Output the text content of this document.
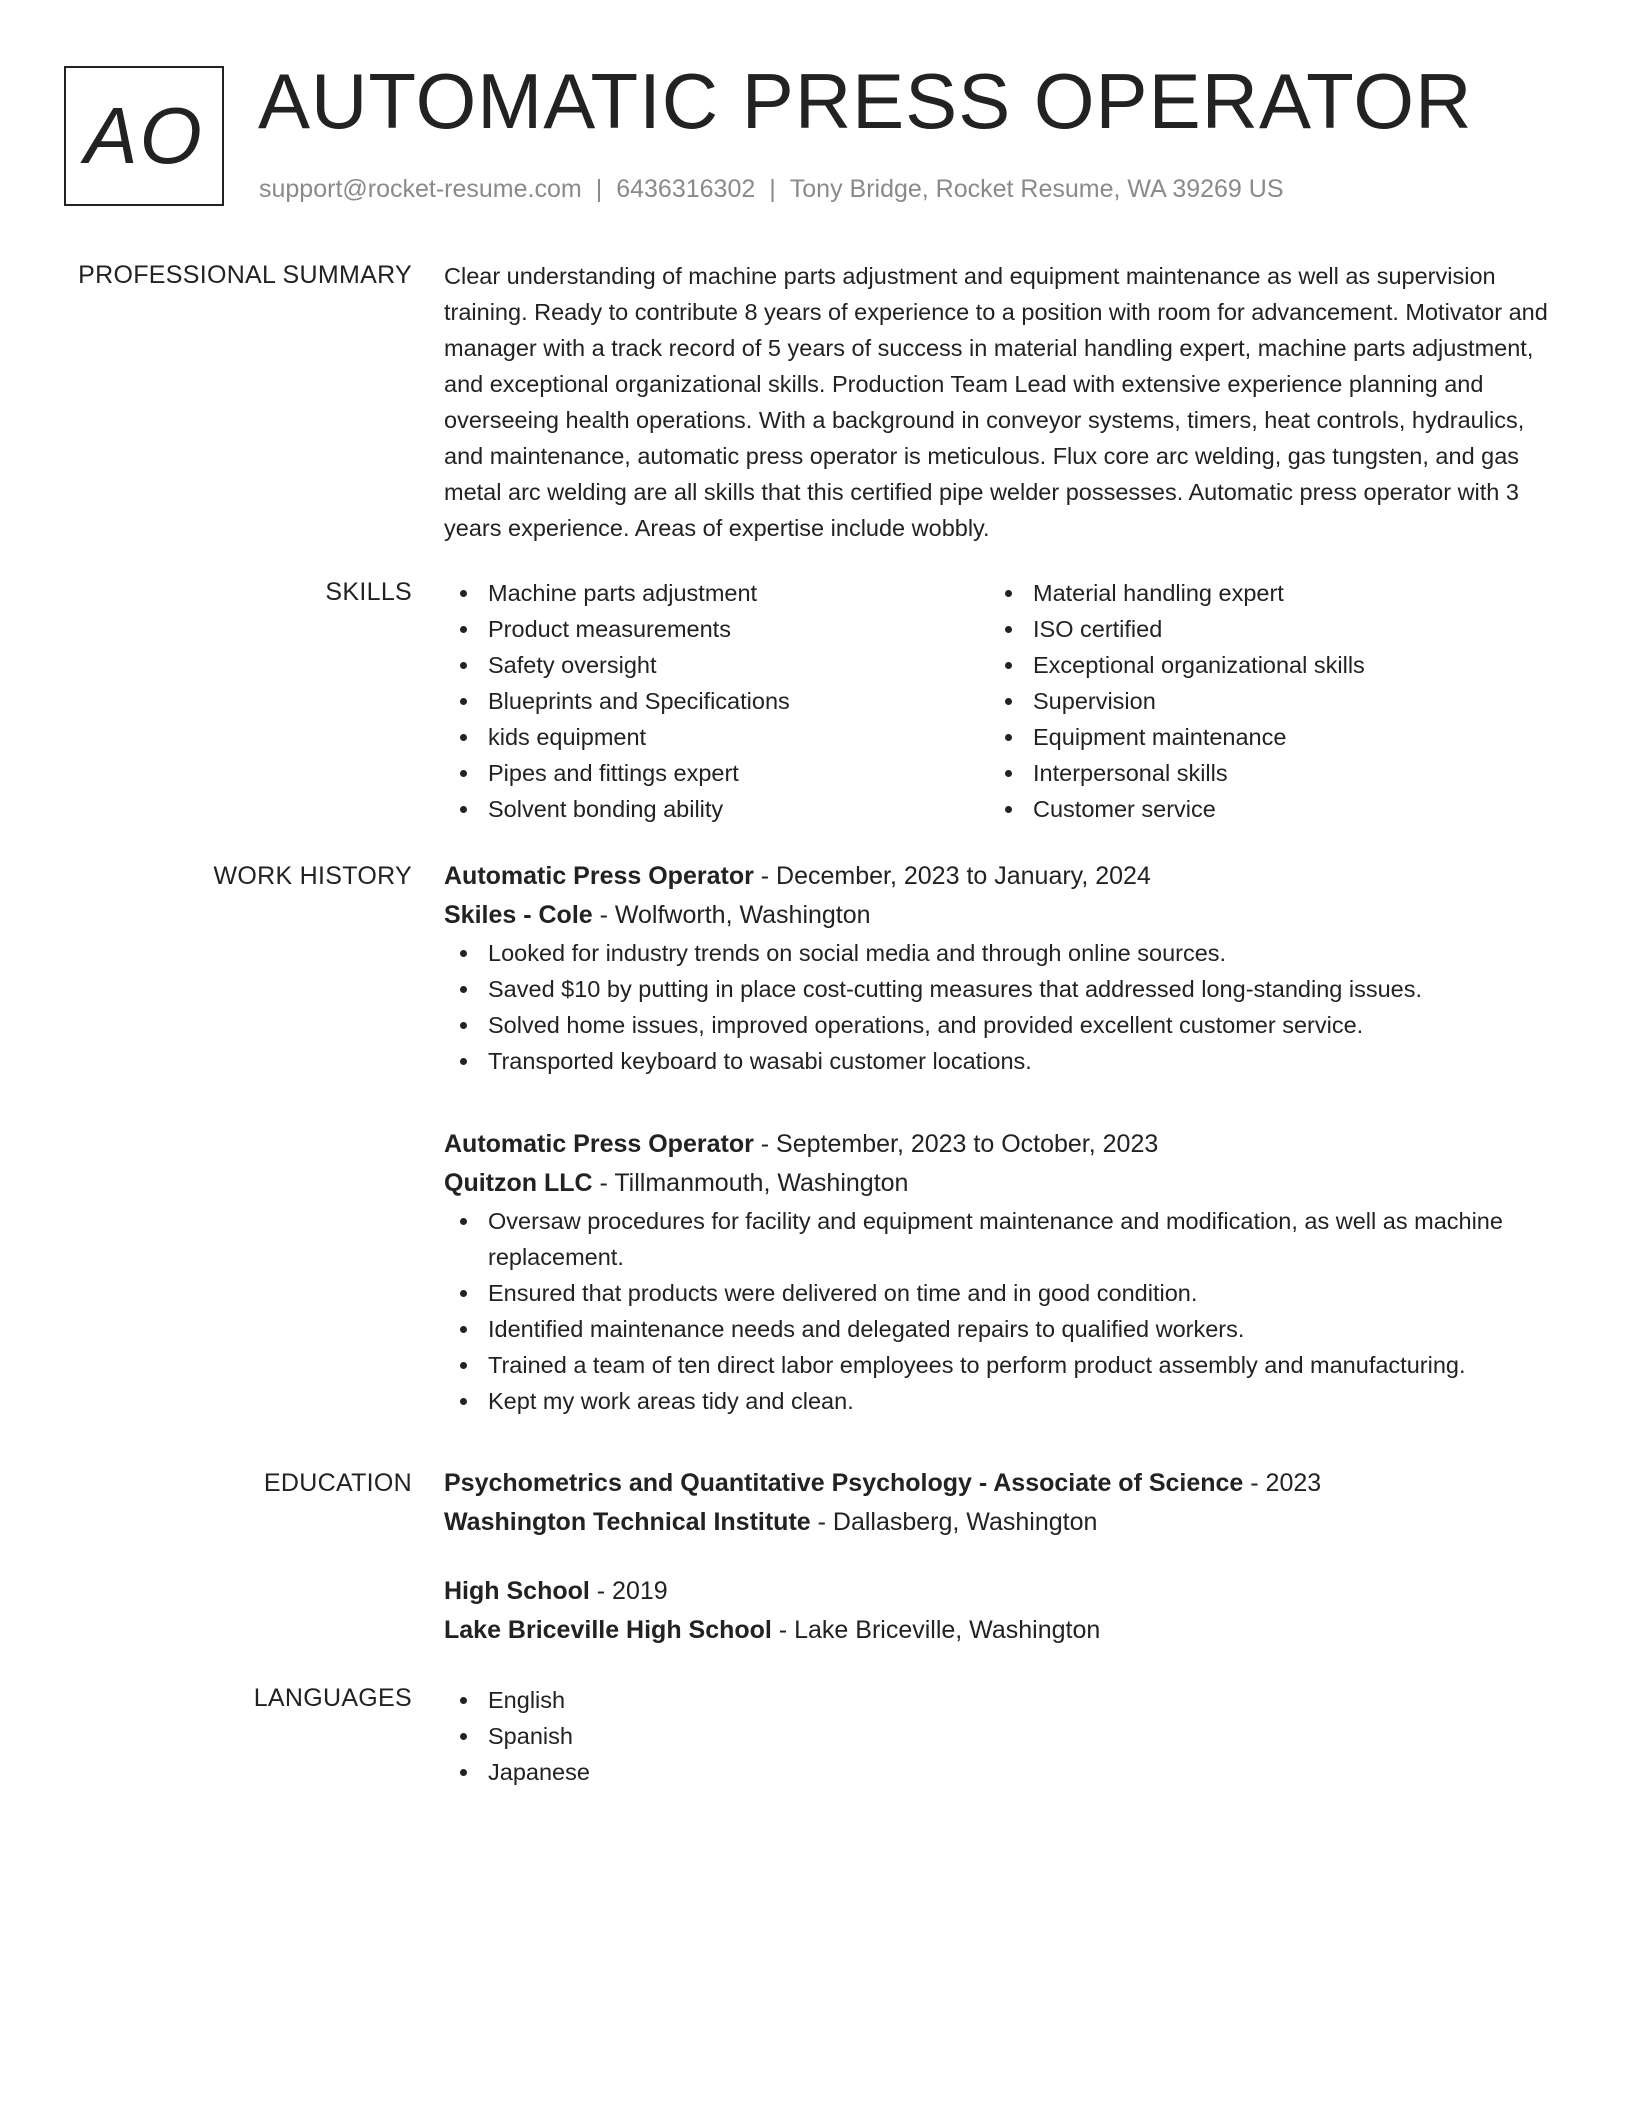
AO AUTOMATIC PRESS OPERATOR
support@rocket-resume.com | 6436316302 | Tony Bridge, Rocket Resume, WA 39269 US
PROFESSIONAL SUMMARY Clear understanding of machine parts adjustment and equipment maintenance as well as supervision training. Ready to contribute 8 years of experience to a position with room for advancement. Motivator and manager with a track record of 5 years of success in material handling expert, machine parts adjustment, and exceptional organizational skills. Production Team Lead with extensive experience planning and overseeing health operations. With a background in conveyor systems, timers, heat controls, hydraulics, and maintenance, automatic press operator is meticulous. Flux core arc welding, gas tungsten, and gas metal arc welding are all skills that this certified pipe welder possesses. Automatic press operator with 3 years experience. Areas of expertise include wobbly.

SKILLS	Machine parts adjustment
Product measurements
Safety oversight
Blueprints and Specifications
kids equipment
Pipes and fittings expert
Solvent bonding ability
Material handling expert
ISO certified
Exceptional organizational skills
Supervision
Equipment maintenance
Interpersonal skills
Customer service
WORK HISTORY Automatic Press Operator - December, 2023 to January, 2024
Skiles - Cole - Wolfworth, Washington
Looked for industry trends on social media and through online sources.
Saved $10 by putting in place cost-cutting measures that addressed long-standing issues.
Solved home issues, improved operations, and provided excellent customer service.
Transported keyboard to wasabi customer locations.
Automatic Press Operator - September, 2023 to October, 2023
Quitzon LLC - Tillmanmouth, Washington
Oversaw procedures for facility and equipment maintenance and modification, as well as machine replacement.
Ensured that products were delivered on time and in good condition.
Identified maintenance needs and delegated repairs to qualified workers.
Trained a team of ten direct labor employees to perform product assembly and manufacturing.
Kept my work areas tidy and clean.
EDUCATION Psychometrics and Quantitative Psychology - Associate of Science - 2023
Washington Technical Institute - Dallasberg, Washington
High School - 2019
Lake Briceville High School - Lake Briceville, Washington
LANGUAGES	English
Spanish
Japanese
